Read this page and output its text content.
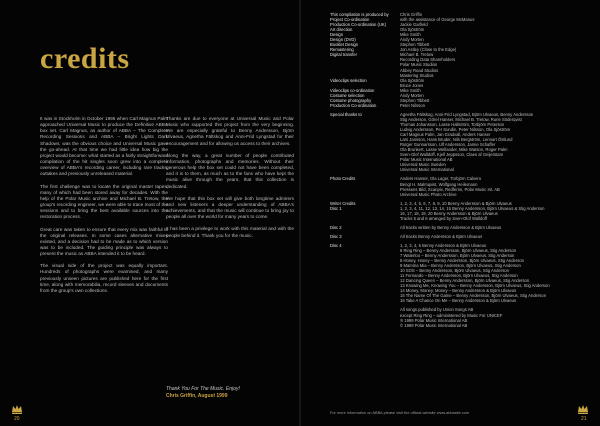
credits

It was in Stockholm in October 1995 when Carl Magnus Palm approached Universal Music to produce the Definitive ABBA box set. Carl Magnus, as author of ABBA – The Complete Recording Sessions and ABBA – Bright Lights Dark Shadows, was the obvious choice and Universal Music gave the go-ahead. At that time we had little idea how big the project would become: what started as a fairly straightforward compilation of the hit singles soon grew into a complete overview of ABBA's recording career, including rare tracks, outtakes and previously unreleased material.

The first challenge was to locate the original master tapes, many of which had been stored away for decades. With the help of the Polar Music archive and Michael B. Tretow, the group's recording engineer, we were able to trace most of the sessions and to bring the best available sources into the restoration process.

Great care was taken to ensure that every mix was faithful to the original releases. In some cases alternative mixes existed, and a decision had to be made as to which version was to be included. The guiding principle was always to present the music as ABBA intended it to be heard.

The visual side of the project was equally important. Hundreds of photographs were examined, and many previously unseen pictures are published here for the first time, along with memorabilia, record sleeves and documents from the group's own collections.

Thanks are due to everyone at Universal Music and Polar Music who supported this project from the very beginning. We are especially grateful to Benny Andersson, Björn Ulvaeus, Agnetha Fältskog and Anni-Frid Lyngstad for their encouragement and for allowing us access to their archives.

Along the way, a great number of people contributed information, photographs and memories. Without their generous help the box set could not have been completed, and it is to them, as much as to the fans who have kept the music alive through the years, that this collection is dedicated.

We hope that this box set will give both longtime admirers and new listeners a deeper understanding of ABBA's achievements, and that the music will continue to bring joy to people all over the world for many years to come.

It has been a privilege to work with this material and with the people behind it. Thank you for the music.

Thank You For The Music. Enjoy!
Chris Griffin, August 1999
20
This compilation is produced by	Chris Griffin
Project Co-ordination	with the assistance of George McManus
Production Co-ordination (UK)	Jackie Garfield
Art direction	Ola Sjöström
Design	Mike Smith
Design (DVD)	Andy Morten
Booklet Design	Stephen Tibbett
Remastering	Jon Astley (Close to the Edge)
Digital transfer	Michael B. Tretow
Recording Data Shareholders
Polar Music Studios
Abbey Road Studios
Mastering Studios
Videoclips selection	Ola Sjöström
Bruce Jones
Videoclips co-ordination	Mike Smith
Costume selection	Andy Morten
Costume photography	Stephen Tibbett
Production Co-ordination	Peter Nilsson
Special thanks to	Agnetha Fältskog, Anni-Frid Lyngstad, Björn Ulvaeus, Benny Andersson
Stig Anderson, Görel Hanser, Michael B. Tretow, Rune Söderqvist
Thomas Johansson, Lasse Hallström, Torbjörn Peterson
Ludvig Andersson, Per Sundin, Peter Nilsson, Ola Sjöström
Carl Magnus Palm, Jan Gradvall, Anders Hanser
Lars Jansson, Hans Bruder, Nils Bergström, Lennart Östlund
Rutger Gunnarsson, Ulf Andersson, Janne Schaffer
Ola Brunkert, Lasse Wellander, Mike Watson, Roger Palm
Sven-Olof Walldoff, Kjell Jeppsson, Claes af Geijerstam
Polar Music International AB
Universal Music Sweden
Universal Music International
Photo Credits	Anders Hanser, Ola Lager, Torbjörn Calvero
Bengt H. Malmqvist, Wolfgang Heilemann
Pressens Bild, Scanpix, Redferns, Polar Music Int. AB
Universal Music Photo Archive
Writer Credits	1, 2, 3, 4, 5, 6, 7, 8, 9, 10 Benny Andersson & Björn Ulvaeus
Disc 1	1, 2, 3, 4, 11, 12, 13, 14, 15 Benny Andersson, Björn Ulvaeus & Stig Anderson
16, 17, 18, 19, 20 Benny Andersson & Björn Ulvaeus
Tracks 5 and 6 arranged by Sven-Olof Walldoff
Disc 2	All tracks written by Benny Andersson & Björn Ulvaeus
Disc 3	All tracks Benny Andersson & Björn Ulvaeus
Disc 4	1, 2, 3, 4, 5 Benny Andersson & Björn Ulvaeus
6 Ring Ring – Benny Andersson, Björn Ulvaeus, Stig Anderson
7 Waterloo – Benny Andersson, Björn Ulvaeus, Stig Anderson
8 Honey, Honey – Benny Andersson, Björn Ulvaeus, Stig Anderson
9 Mamma Mia – Benny Andersson, Björn Ulvaeus, Stig Anderson
10 SOS – Benny Andersson, Björn Ulvaeus, Stig Anderson
11 Fernando – Benny Andersson, Björn Ulvaeus, Stig Anderson
12 Dancing Queen – Benny Andersson, Björn Ulvaeus, Stig Anderson
13 Knowing Me, Knowing You – Benny Andersson, Björn Ulvaeus, Stig Anderson
14 Money, Money, Money – Benny Andersson & Björn Ulvaeus
15 The Name Of The Game – Benny Andersson, Björn Ulvaeus, Stig Anderson
16 Take A Chance On Me – Benny Andersson & Björn Ulvaeus
All songs published by Union Songs AB
except Ring Ring – administered by Music For UNICEF
℗ 1999 Polar Music International AB
© 1999 Polar Music International AB
For more information on ABBA please visit the official website www.abbasite.com
21
